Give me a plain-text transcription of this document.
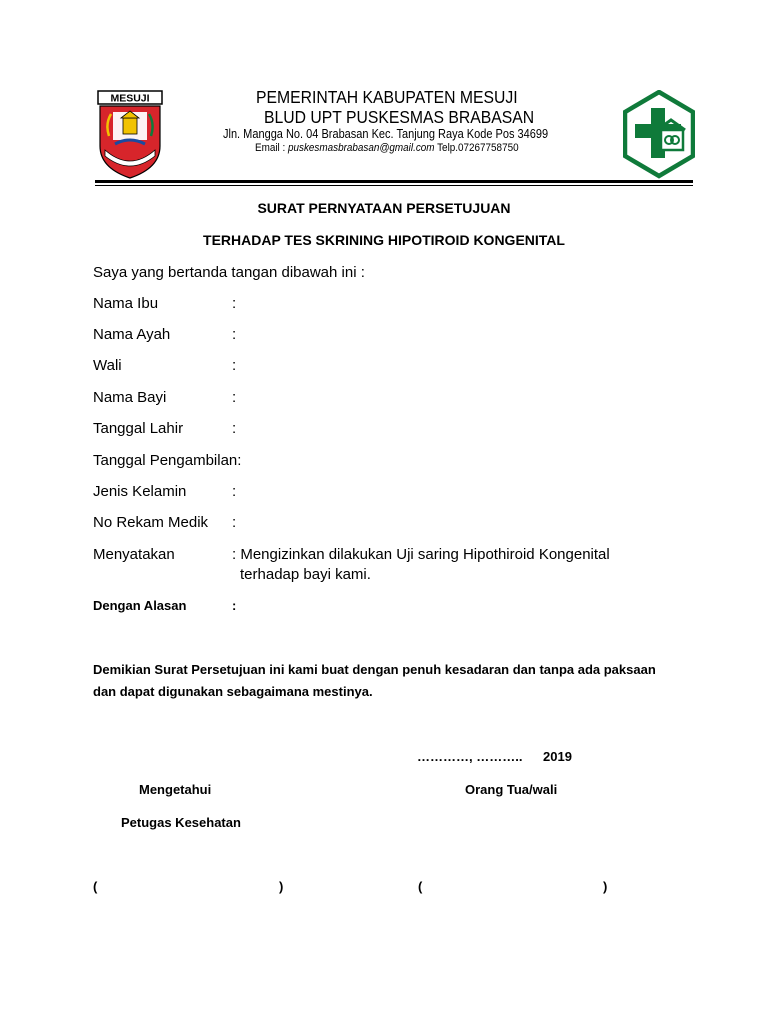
MESUJI	PEMERINTAH KABUPATEN MESUJI
BLUD UPT PUSKESMAS BRABASAN
Jln. Mangga No. 04 Brabasan Kec. Tanjung Raya Kode Pos 34699
Email : puskesmasbrabasan@gmail.com Telp.07267758750
SURAT PERNYATAAN PERSETUJUAN
TERHADAP TES SKRINING HIPOTIROID KONGENITAL
Saya yang bertanda tangan dibawah ini :
Nama Ibu	:
Nama Ayah	:
Wali	:
Nama Bayi	:
Tanggal Lahir	:
Tanggal Pengambilan:
Jenis Kelamin	:
No Rekam Medik :
Menyatakan	: Mengizinkan dilakukan Uji saring Hipothiroid Kongenital
terhadap bayi kami.
Dengan Alasan	:
Demikian Surat Persetujuan ini kami buat dengan penuh kesadaran dan tanpa ada paksaan
dan dapat digunakan sebagaimana mestinya.
…………, ……….. 2019
Mengetahui	Orang Tua/wali
Petugas Kesehatan
(	)	(	)
